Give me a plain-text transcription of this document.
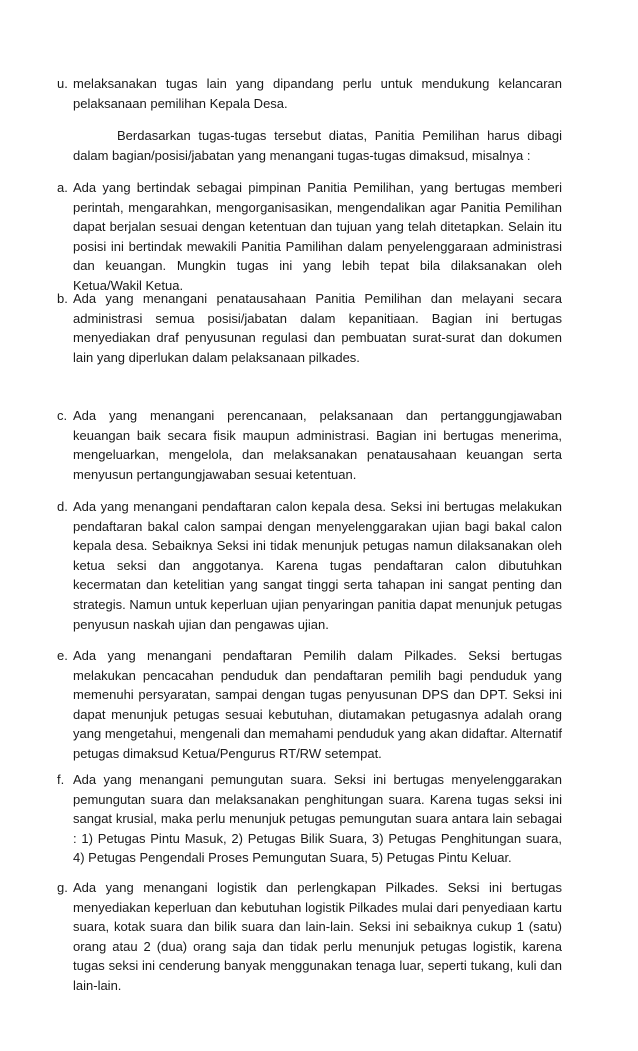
u. melaksanakan tugas lain yang dipandang perlu untuk mendukung kelancaran pelaksanaan pemilihan Kepala Desa.
Berdasarkan tugas-tugas tersebut diatas, Panitia Pemilihan harus dibagi dalam bagian/posisi/jabatan yang menangani tugas-tugas dimaksud, misalnya :
a. Ada yang bertindak sebagai pimpinan Panitia Pemilihan, yang bertugas memberi perintah, mengarahkan, mengorganisasikan, mengendalikan agar Panitia Pemilihan dapat berjalan sesuai dengan ketentuan dan tujuan yang telah ditetapkan. Selain itu posisi ini bertindak mewakili Panitia Pamilihan dalam penyelenggaraan administrasi dan keuangan. Mungkin tugas ini yang lebih tepat bila dilaksanakan oleh Ketua/Wakil Ketua.
b. Ada yang menangani penatausahaan Panitia Pemilihan dan melayani secara administrasi semua posisi/jabatan dalam kepanitiaan. Bagian ini bertugas menyediakan draf penyusunan regulasi dan pembuatan surat-surat dan dokumen lain yang diperlukan dalam pelaksanaan pilkades.
c. Ada yang menangani perencanaan, pelaksanaan dan pertanggungjawaban keuangan baik secara fisik maupun administrasi. Bagian ini bertugas menerima, mengeluarkan, mengelola, dan melaksanakan penatausahaan keuangan serta menyusun pertangungjawaban sesuai ketentuan.
d. Ada yang menangani pendaftaran calon kepala desa. Seksi ini bertugas melakukan pendaftaran bakal calon sampai dengan menyelenggarakan ujian bagi bakal calon kepala desa. Sebaiknya Seksi ini tidak menunjuk petugas namun dilaksanakan oleh ketua seksi dan anggotanya. Karena tugas pendaftaran calon dibutuhkan kecermatan dan ketelitian yang sangat tinggi serta tahapan ini sangat penting dan strategis. Namun untuk keperluan ujian penyaringan panitia dapat menunjuk petugas penyusun naskah ujian dan pengawas ujian.
e. Ada yang menangani pendaftaran Pemilih dalam Pilkades. Seksi bertugas melakukan pencacahan penduduk dan pendaftaran pemilih bagi penduduk yang memenuhi persyaratan, sampai dengan tugas penyusunan DPS dan DPT. Seksi ini dapat menunjuk petugas sesuai kebutuhan, diutamakan petugasnya adalah orang yang mengetahui, mengenali dan memahami penduduk yang akan didaftar. Alternatif petugas dimaksud Ketua/Pengurus RT/RW setempat.
f. Ada yang menangani pemungutan suara. Seksi ini bertugas menyelenggarakan pemungutan suara dan melaksanakan penghitungan suara. Karena tugas seksi ini sangat krusial, maka perlu menunjuk petugas pemungutan suara antara lain sebagai : 1) Petugas Pintu Masuk, 2) Petugas Bilik Suara, 3) Petugas Penghitungan suara, 4) Petugas Pengendali Proses Pemungutan Suara, 5) Petugas Pintu Keluar.
g. Ada yang menangani logistik dan perlengkapan Pilkades. Seksi ini bertugas menyediakan keperluan dan kebutuhan logistik Pilkades mulai dari penyediaan kartu suara, kotak suara dan bilik suara dan lain-lain. Seksi ini sebaiknya cukup 1 (satu) orang atau 2 (dua) orang saja dan tidak perlu menunjuk petugas logistik, karena tugas seksi ini cenderung banyak menggunakan tenaga luar, seperti tukang, kuli dan lain-lain.
